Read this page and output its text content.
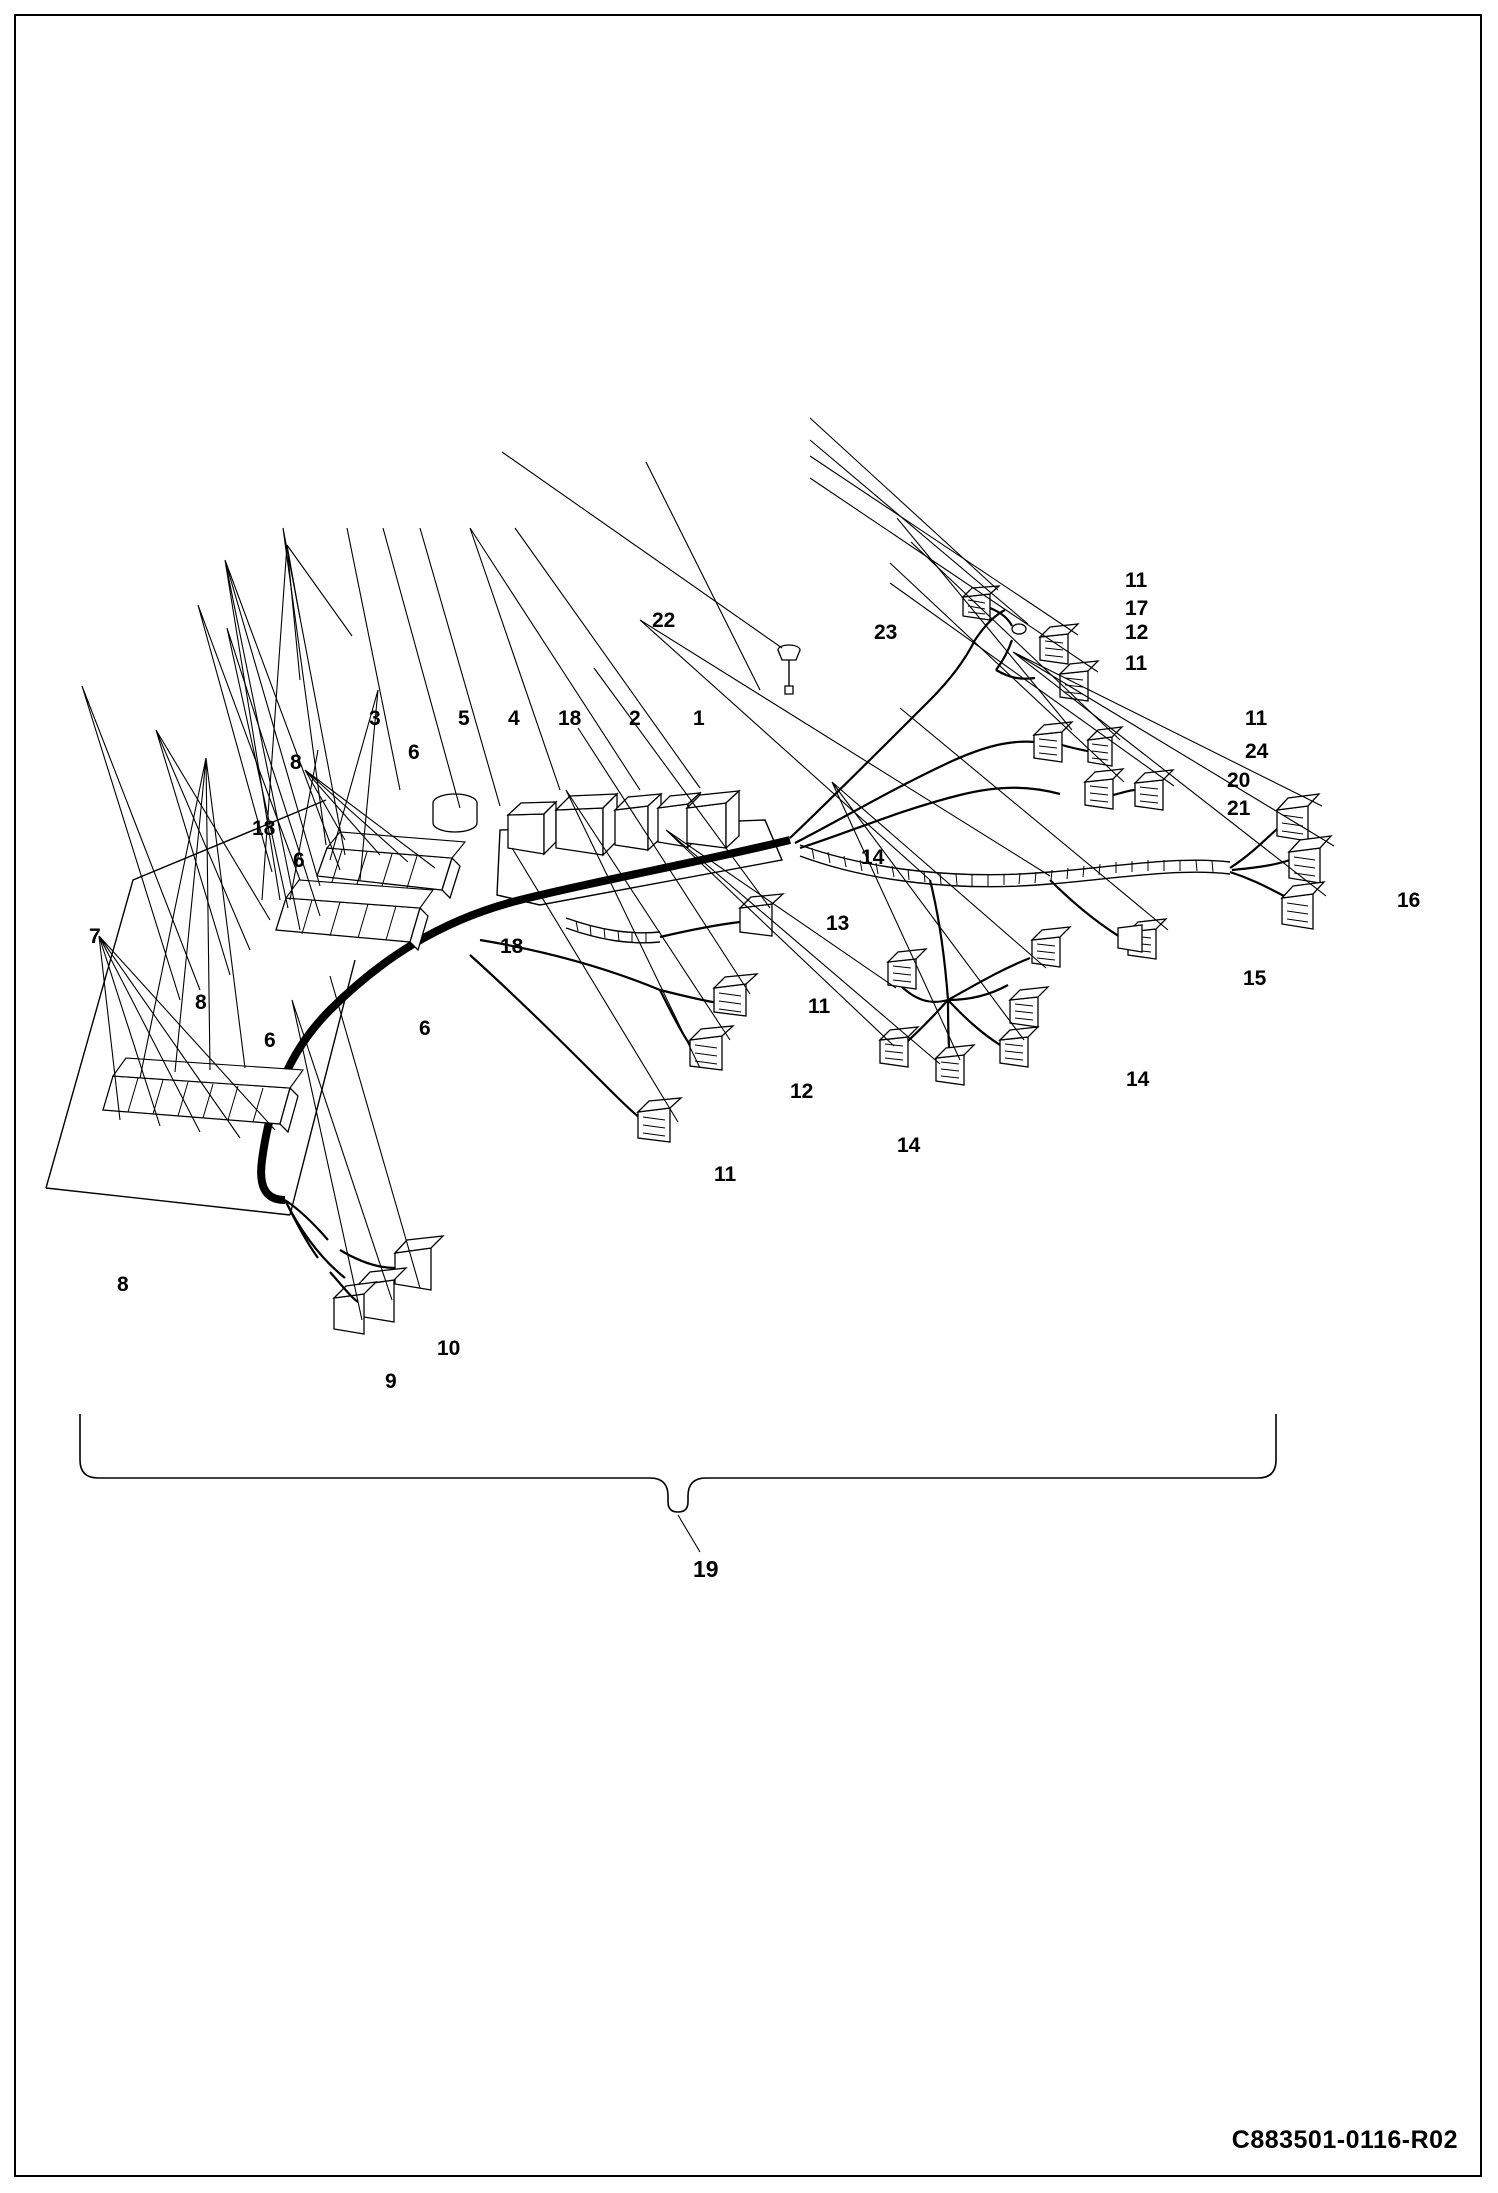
22
23
11
17
12
11
11
24
20
21
16
3	5 4 18 2 1
8	6
18
6
7
8
18
6
6
8
14
13
11
12
11
15
14
14
9
10
19
C883501-0116-R02
